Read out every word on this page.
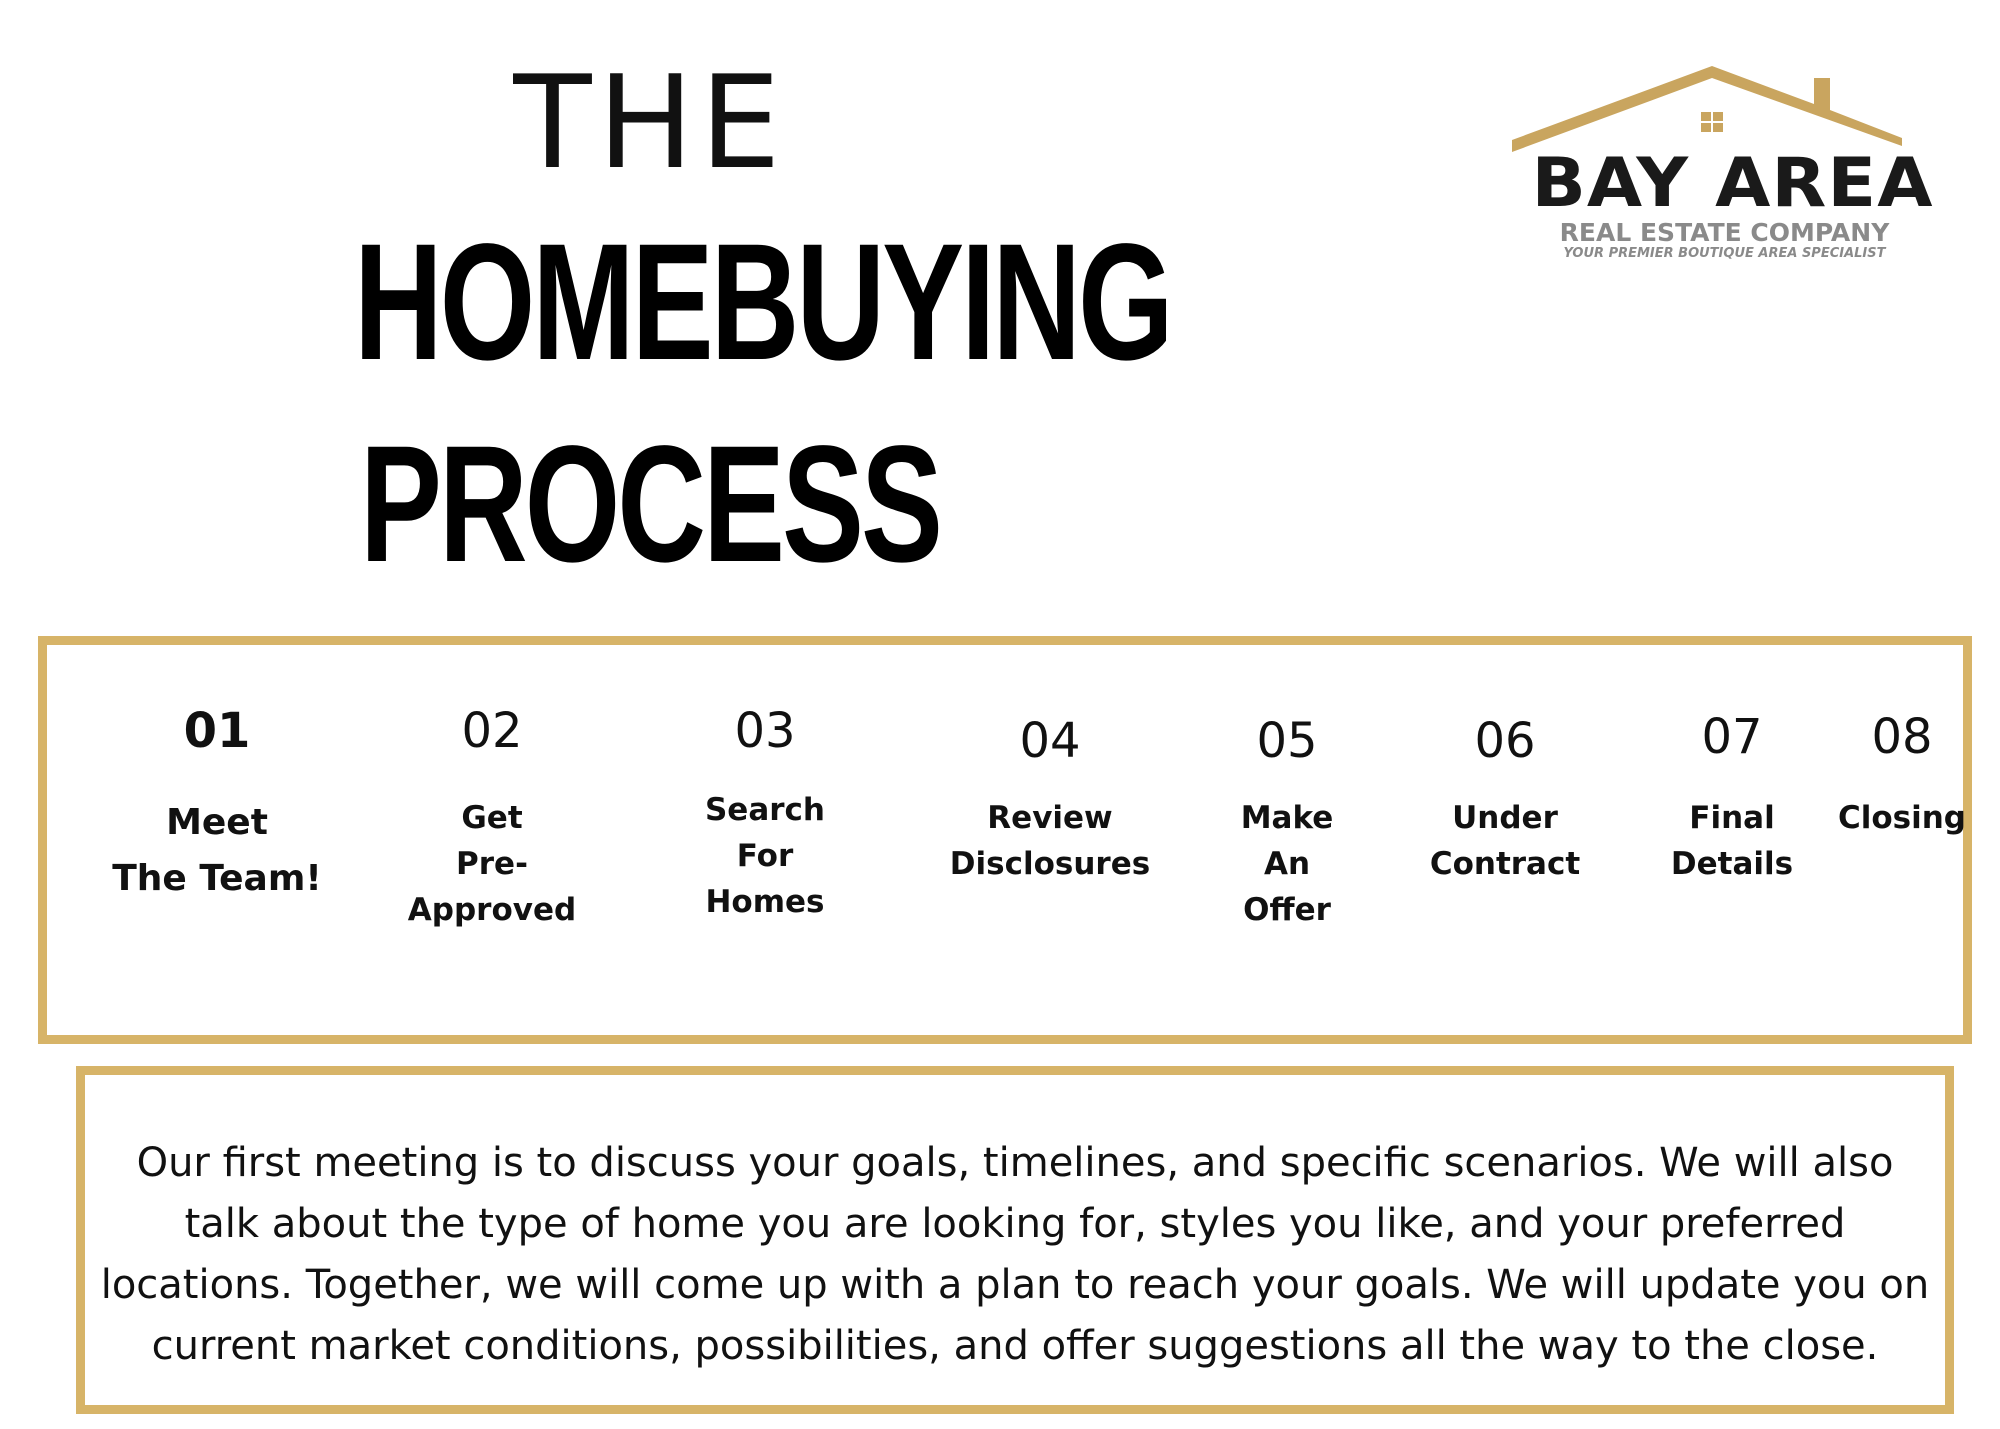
THE
HOMEBUYING
PROCESS
BAY AREA
REAL ESTATE COMPANY
YOUR PREMIER BOUTIQUE AREA SPECIALIST
01
Meet
The Team!
02
Get
Pre-
Approved
03
Search
For
Homes
04
Review
Disclosures
05
Make
An
Offer
06
Under
Contract
07
Final
Details
08
Closing
Our first meeting is to discuss your goals, timelines, and specific scenarios. We will also talk about the type of home you are looking for, styles you like, and your preferred locations. Together, we will come up with a plan to reach your goals. We will update you on current market conditions, possibilities, and offer suggestions all the way to the close.
